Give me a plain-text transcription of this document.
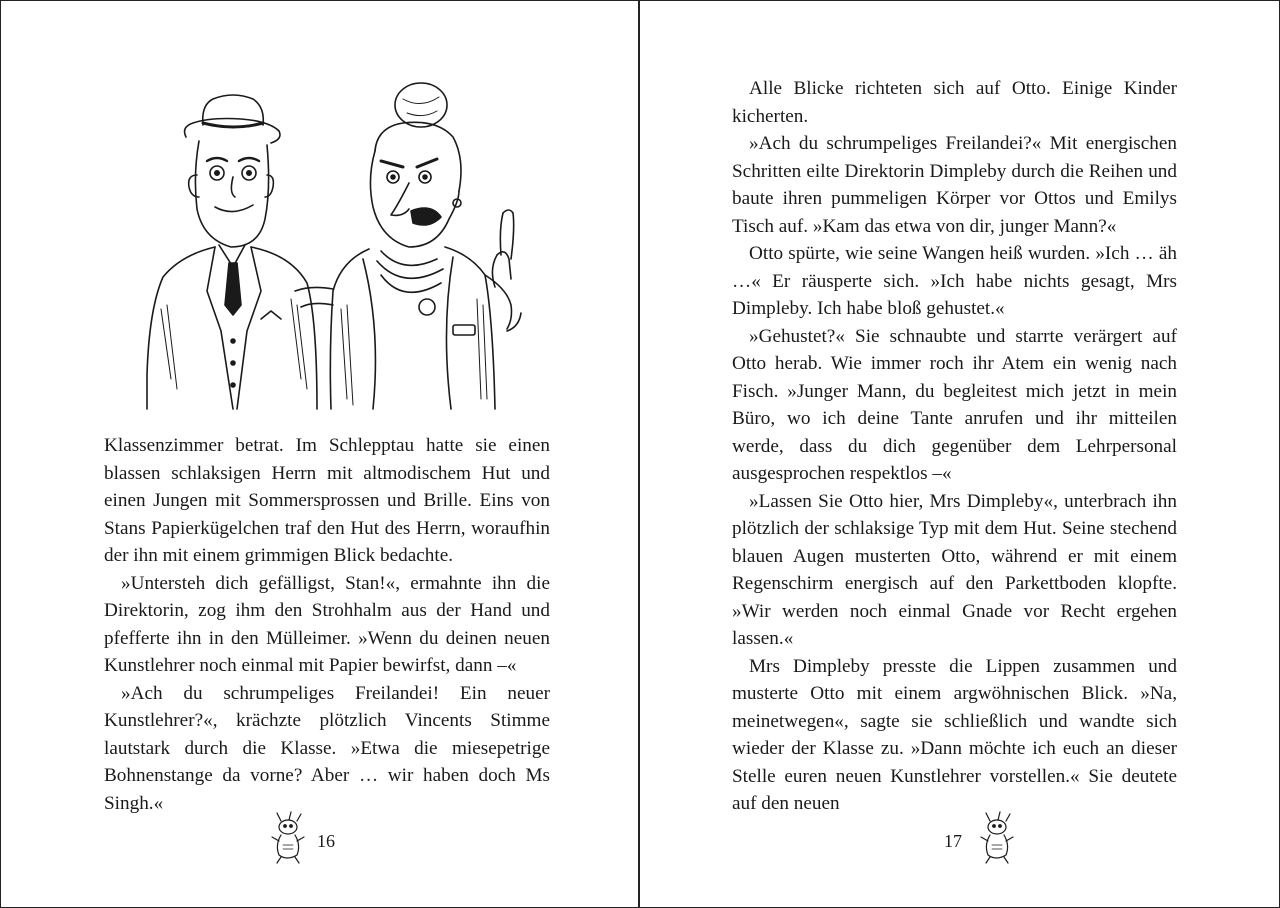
Klassenzimmer betrat. Im Schlepptau hatte sie einen blassen schlaksigen Herrn mit altmodischem Hut und einen Jungen mit Sommersprossen und Brille. Eins von Stans Papierkügelchen traf den Hut des Herrn, woraufhin der ihn mit einem grimmigen Blick bedachte.

»Untersteh dich gefälligst, Stan!«, ermahnte ihn die Direktorin, zog ihm den Strohhalm aus der Hand und pfefferte ihn in den Mülleimer. »Wenn du deinen neuen Kunstlehrer noch einmal mit Papier bewirfst, dann –«

»Ach du schrumpeliges Freilandei! Ein neuer Kunstlehrer?«, krächzte plötzlich Vincents Stimme lautstark durch die Klasse. »Etwa die miesepetrige Bohnenstange da vorne? Aber … wir haben doch Ms Singh.«

16

Alle Blicke richteten sich auf Otto. Einige Kinder kicherten.

»Ach du schrumpeliges Freilandei?« Mit energischen Schritten eilte Direktorin Dimpleby durch die Reihen und baute ihren pummeligen Körper vor Ottos und Emilys Tisch auf. »Kam das etwa von dir, junger Mann?«

Otto spürte, wie seine Wangen heiß wurden. »Ich … äh …« Er räusperte sich. »Ich habe nichts gesagt, Mrs Dimpleby. Ich habe bloß gehustet.«

»Gehustet?« Sie schnaubte und starrte verärgert auf Otto herab. Wie immer roch ihr Atem ein wenig nach Fisch. »Junger Mann, du begleitest mich jetzt in mein Büro, wo ich deine Tante anrufen und ihr mitteilen werde, dass du dich gegenüber dem Lehrpersonal ausgesprochen respektlos –«

»Lassen Sie Otto hier, Mrs Dimpleby«, unterbrach ihn plötzlich der schlaksige Typ mit dem Hut. Seine stechend blauen Augen musterten Otto, während er mit einem Regenschirm energisch auf den Parkettboden klopfte. »Wir werden noch einmal Gnade vor Recht ergehen lassen.«

Mrs Dimpleby presste die Lippen zusammen und musterte Otto mit einem argwöhnischen Blick. »Na, meinetwegen«, sagte sie schließlich und wandte sich wieder der Klasse zu. »Dann möchte ich euch an dieser Stelle euren neuen Kunstlehrer vorstellen.« Sie deutete auf den neuen

17
